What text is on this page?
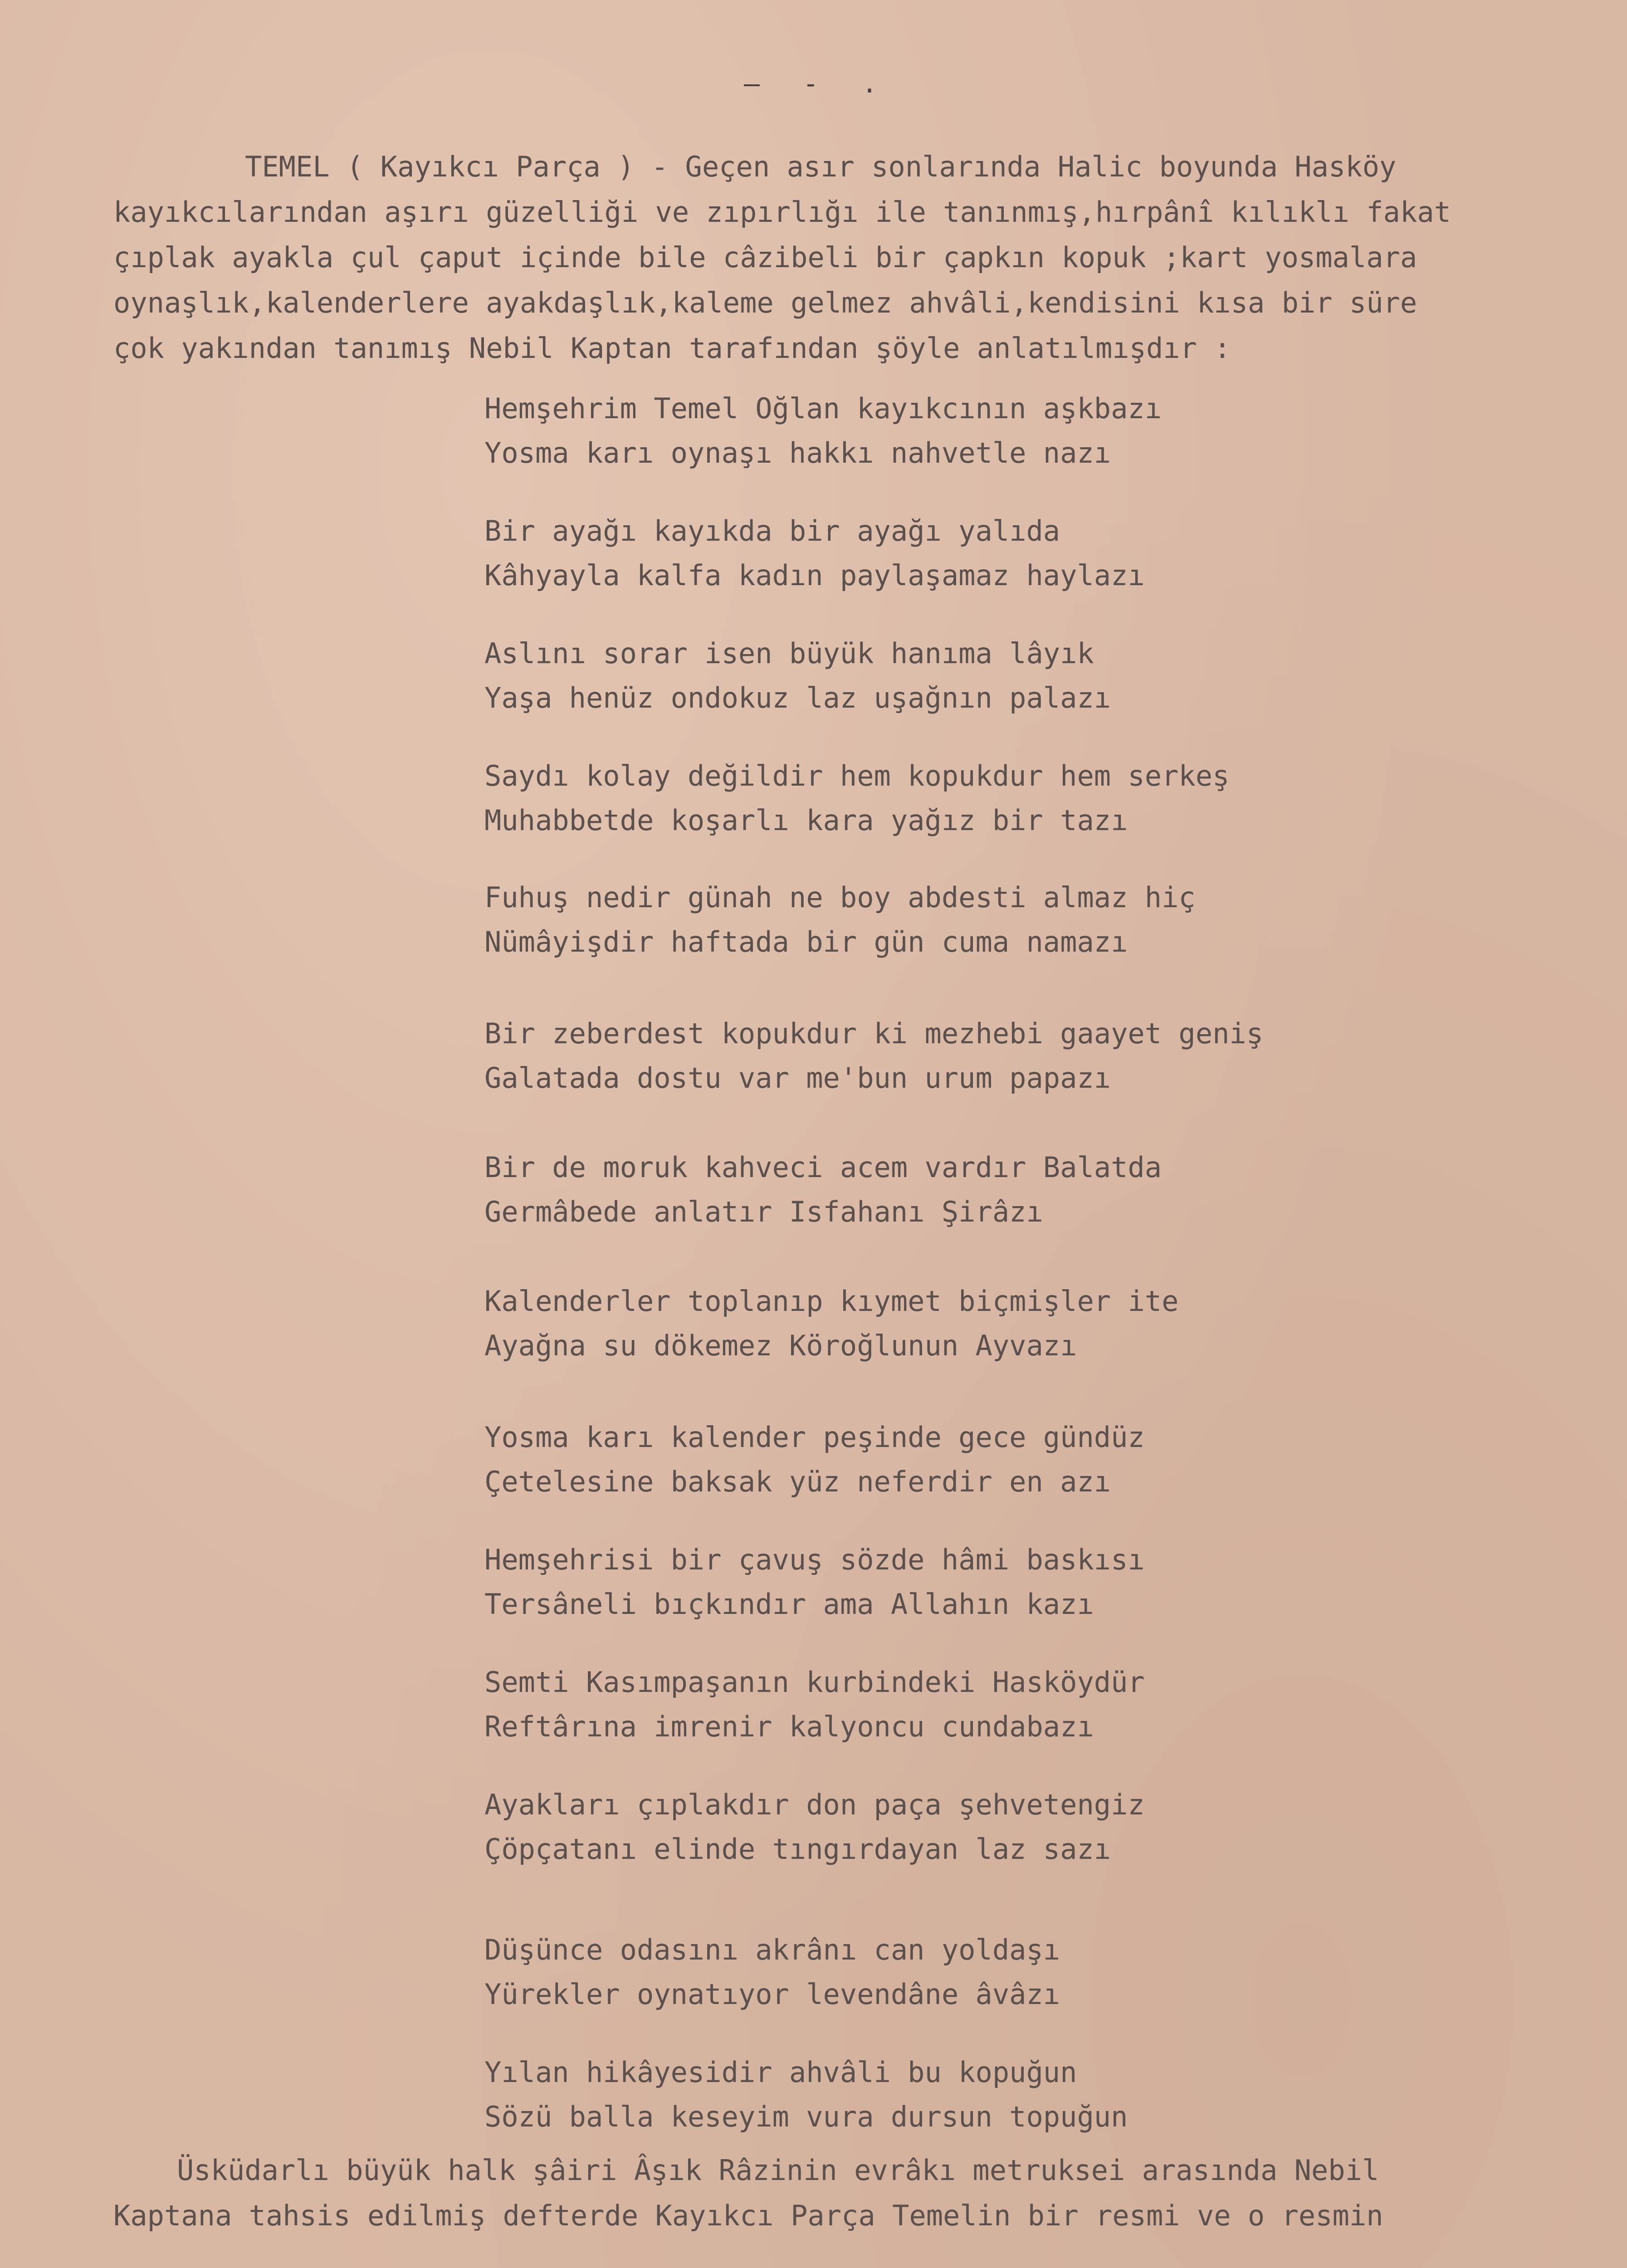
— - .
TEMEL ( Kayıkcı Parça ) - Geçen asır sonlarında Halic boyunda Hasköy
kayıkcılarından aşırı güzelliği ve zıpırlığı ile tanınmış,hırpânî kılıklı fakat
çıplak ayakla çul çaput içinde bile câzibeli bir çapkın kopuk ;kart yosmalara
oynaşlık,kalenderlere ayakdaşlık,kaleme gelmez ahvâli,kendisini kısa bir süre
çok yakından tanımış Nebil Kaptan tarafından şöyle anlatılmışdır :
Hemşehrim Temel Oğlan kayıkcının aşkbazı
Yosma karı oynaşı hakkı nahvetle nazı
Bir ayağı kayıkda bir ayağı yalıda
Kâhyayla kalfa kadın paylaşamaz haylazı
Aslını sorar isen büyük hanıma lâyık
Yaşa henüz ondokuz laz uşağnın palazı
Saydı kolay değildir hem kopukdur hem serkeş
Muhabbetde koşarlı kara yağız bir tazı
Fuhuş nedir günah ne boy abdesti almaz hiç
Nümâyişdir haftada bir gün cuma namazı
Bir zeberdest kopukdur ki mezhebi gaayet geniş
Galatada dostu var me'bun urum papazı
Bir de moruk kahveci acem vardır Balatda
Germâbede anlatır Isfahanı Şirâzı
Kalenderler toplanıp kıymet biçmişler ite
Ayağna su dökemez Köroğlunun Ayvazı
Yosma karı kalender peşinde gece gündüz
Çetelesine baksak yüz neferdir en azı
Hemşehrisi bir çavuş sözde hâmi baskısı
Tersâneli bıçkındır ama Allahın kazı
Semti Kasımpaşanın kurbindeki Hasköydür
Reftârına imrenir kalyoncu cundabazı
Ayakları çıplakdır don paça şehvetengiz
Çöpçatanı elinde tıngırdayan laz sazı
Düşünce odasını akrânı can yoldaşı
Yürekler oynatıyor levendâne âvâzı
Yılan hikâyesidir ahvâli bu kopuğun
Sözü balla keseyim vura dursun topuğun
Üsküdarlı büyük halk şâiri Âşık Râzinin evrâkı metruksei arasında Nebil
Kaptana tahsis edilmiş defterde Kayıkcı Parça Temelin bir resmi ve o resmin
